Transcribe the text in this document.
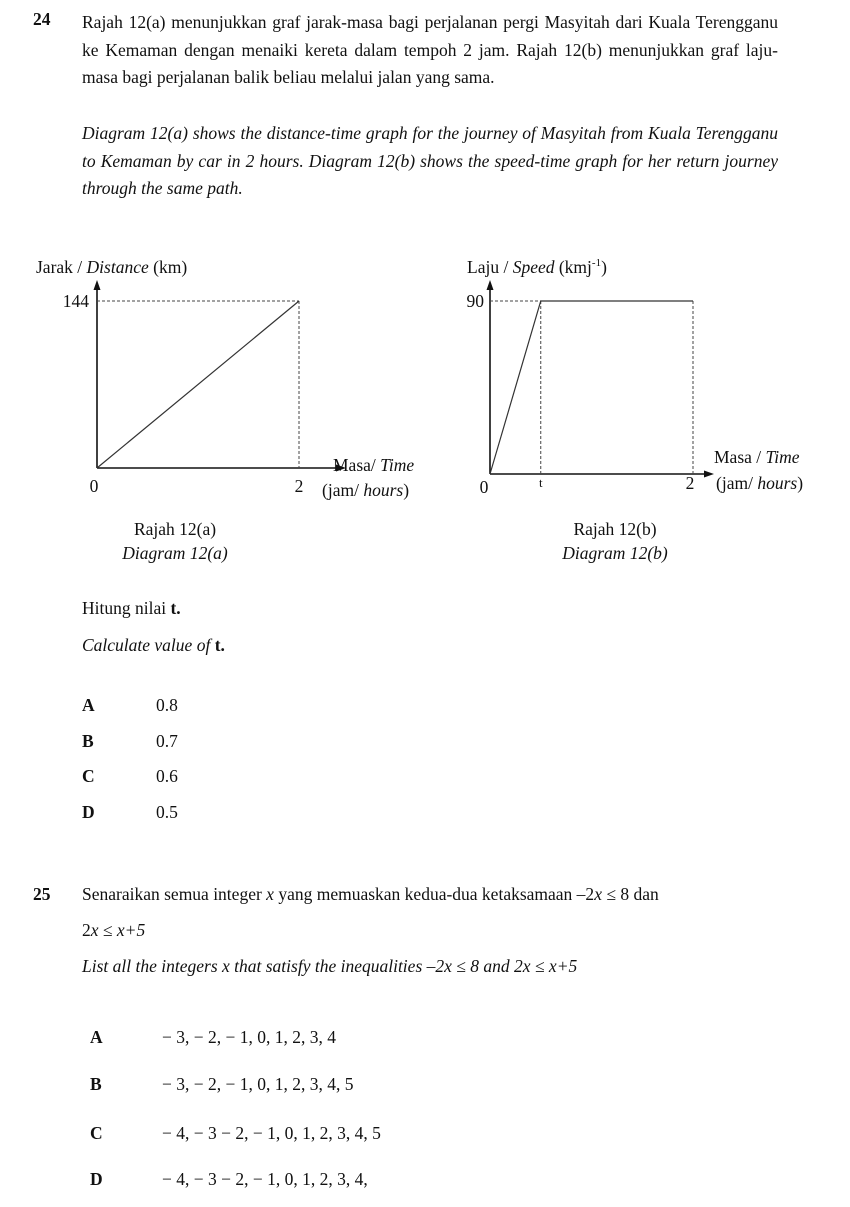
24 Rajah 12(a) menunjukkan graf jarak-masa bagi perjalanan pergi Masyitah dari Kuala Terengganu ke Kemaman dengan menaiki kereta dalam tempoh 2 jam. Rajah 12(b) menunjukkan graf laju-masa bagi perjalanan balik beliau melalui jalan yang sama.
Diagram 12(a) shows the distance-time graph for the journey of Masyitah from Kuala Terengganu to Kemaman by car in 2 hours. Diagram 12(b) shows the speed-time graph for her return journey through the same path.
Jarak / Distance (km)
144
0	2
Masa/ Time
(jam/ hours)
Rajah 12(a)
Diagram 12(a)
Laju / Speed (kmj$^{-1}$)
90
0	t	2
Masa / Time
(jam/ hours)
Rajah 12(b)
Diagram 12(b)
Hitung nilai t.
Calculate value of t.
A	0.8
B	0.7
C	0.6
D	0.5
25 Senaraikan semua integer x yang memuaskan kedua-dua ketaksamaan –2x ≤ 8 dan
2x ≤ x+5
List all the integers x that satisfy the inequalities –2x ≤ 8 and 2x ≤ x+5
A	− 3, − 2, − 1, 0, 1, 2, 3, 4
B	− 3, − 2, − 1, 0, 1, 2, 3, 4, 5
C	− 4, − 3 − 2, − 1, 0, 1, 2, 3, 4, 5
D	− 4, − 3 − 2, − 1, 0, 1, 2, 3, 4,
